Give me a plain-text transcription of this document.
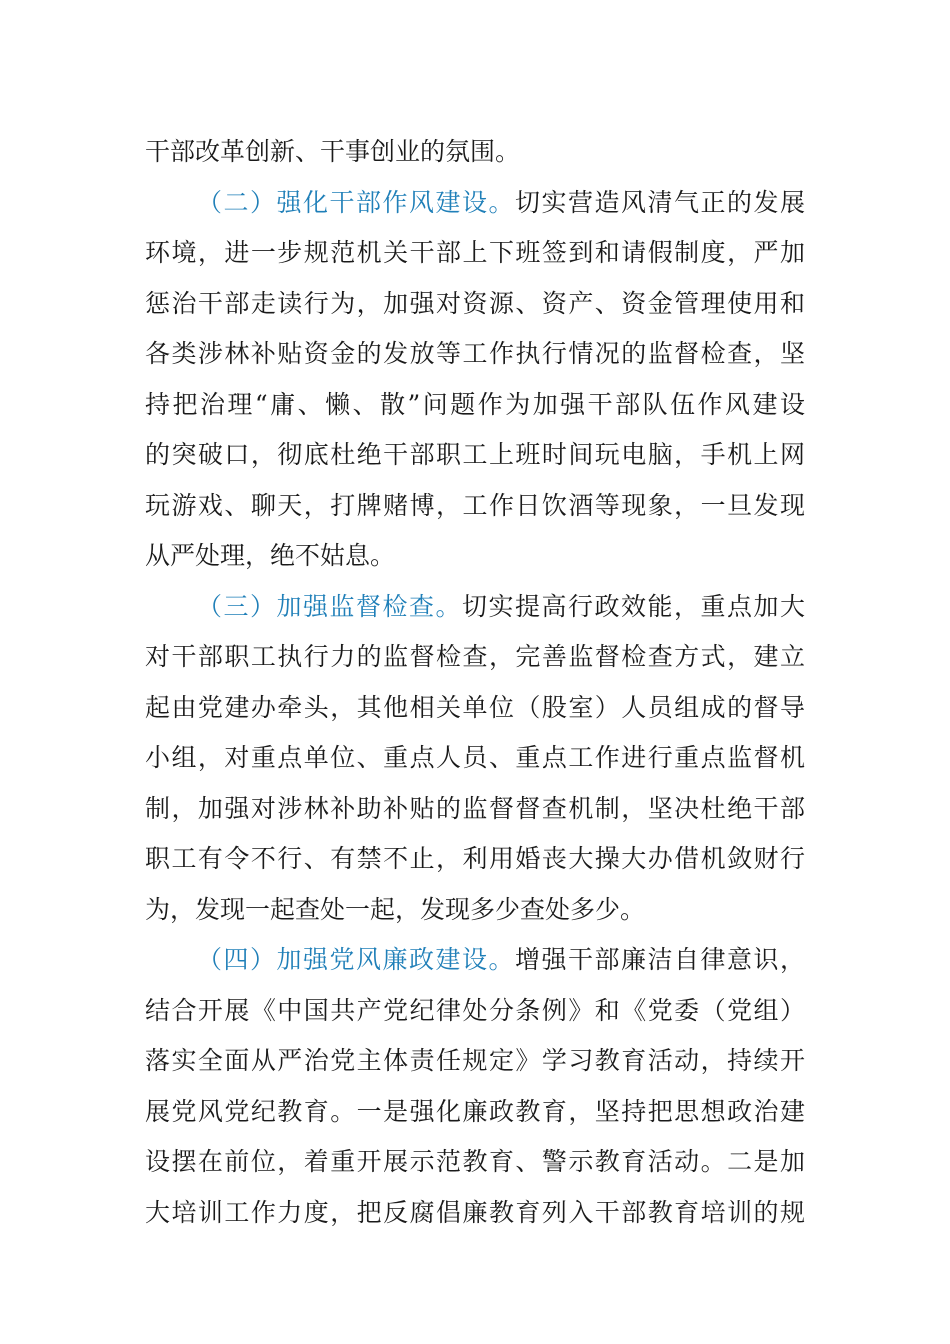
干部改革创新、干事创业的氛围。
（二）强化干部作风建设。切实营造风清气正的发展
环境，进一步规范机关干部上下班签到和请假制度，严加
惩治干部走读行为，加强对资源、资产、资金管理使用和
各类涉林补贴资金的发放等工作执行情况的监督检查，坚
持把治理“庸、懒、散”问题作为加强干部队伍作风建设
的突破口，彻底杜绝干部职工上班时间玩电脑，手机上网
玩游戏、聊天，打牌赌博，工作日饮酒等现象，一旦发现
从严处理，绝不姑息。
（三）加强监督检查。切实提高行政效能，重点加大
对干部职工执行力的监督检查，完善监督检查方式，建立
起由党建办牵头，其他相关单位（股室）人员组成的督导
小组，对重点单位、重点人员、重点工作进行重点监督机
制，加强对涉林补助补贴的监督督查机制，坚决杜绝干部
职工有令不行、有禁不止，利用婚丧大操大办借机敛财行
为，发现一起查处一起，发现多少查处多少。
（四）加强党风廉政建设。增强干部廉洁自律意识，
结合开展《中国共产党纪律处分条例》和《党委（党组）
落实全面从严治党主体责任规定》学习教育活动，持续开
展党风党纪教育。一是强化廉政教育，坚持把思想政治建
设摆在前位，着重开展示范教育、警示教育活动。二是加
大培训工作力度，把反腐倡廉教育列入干部教育培训的规
